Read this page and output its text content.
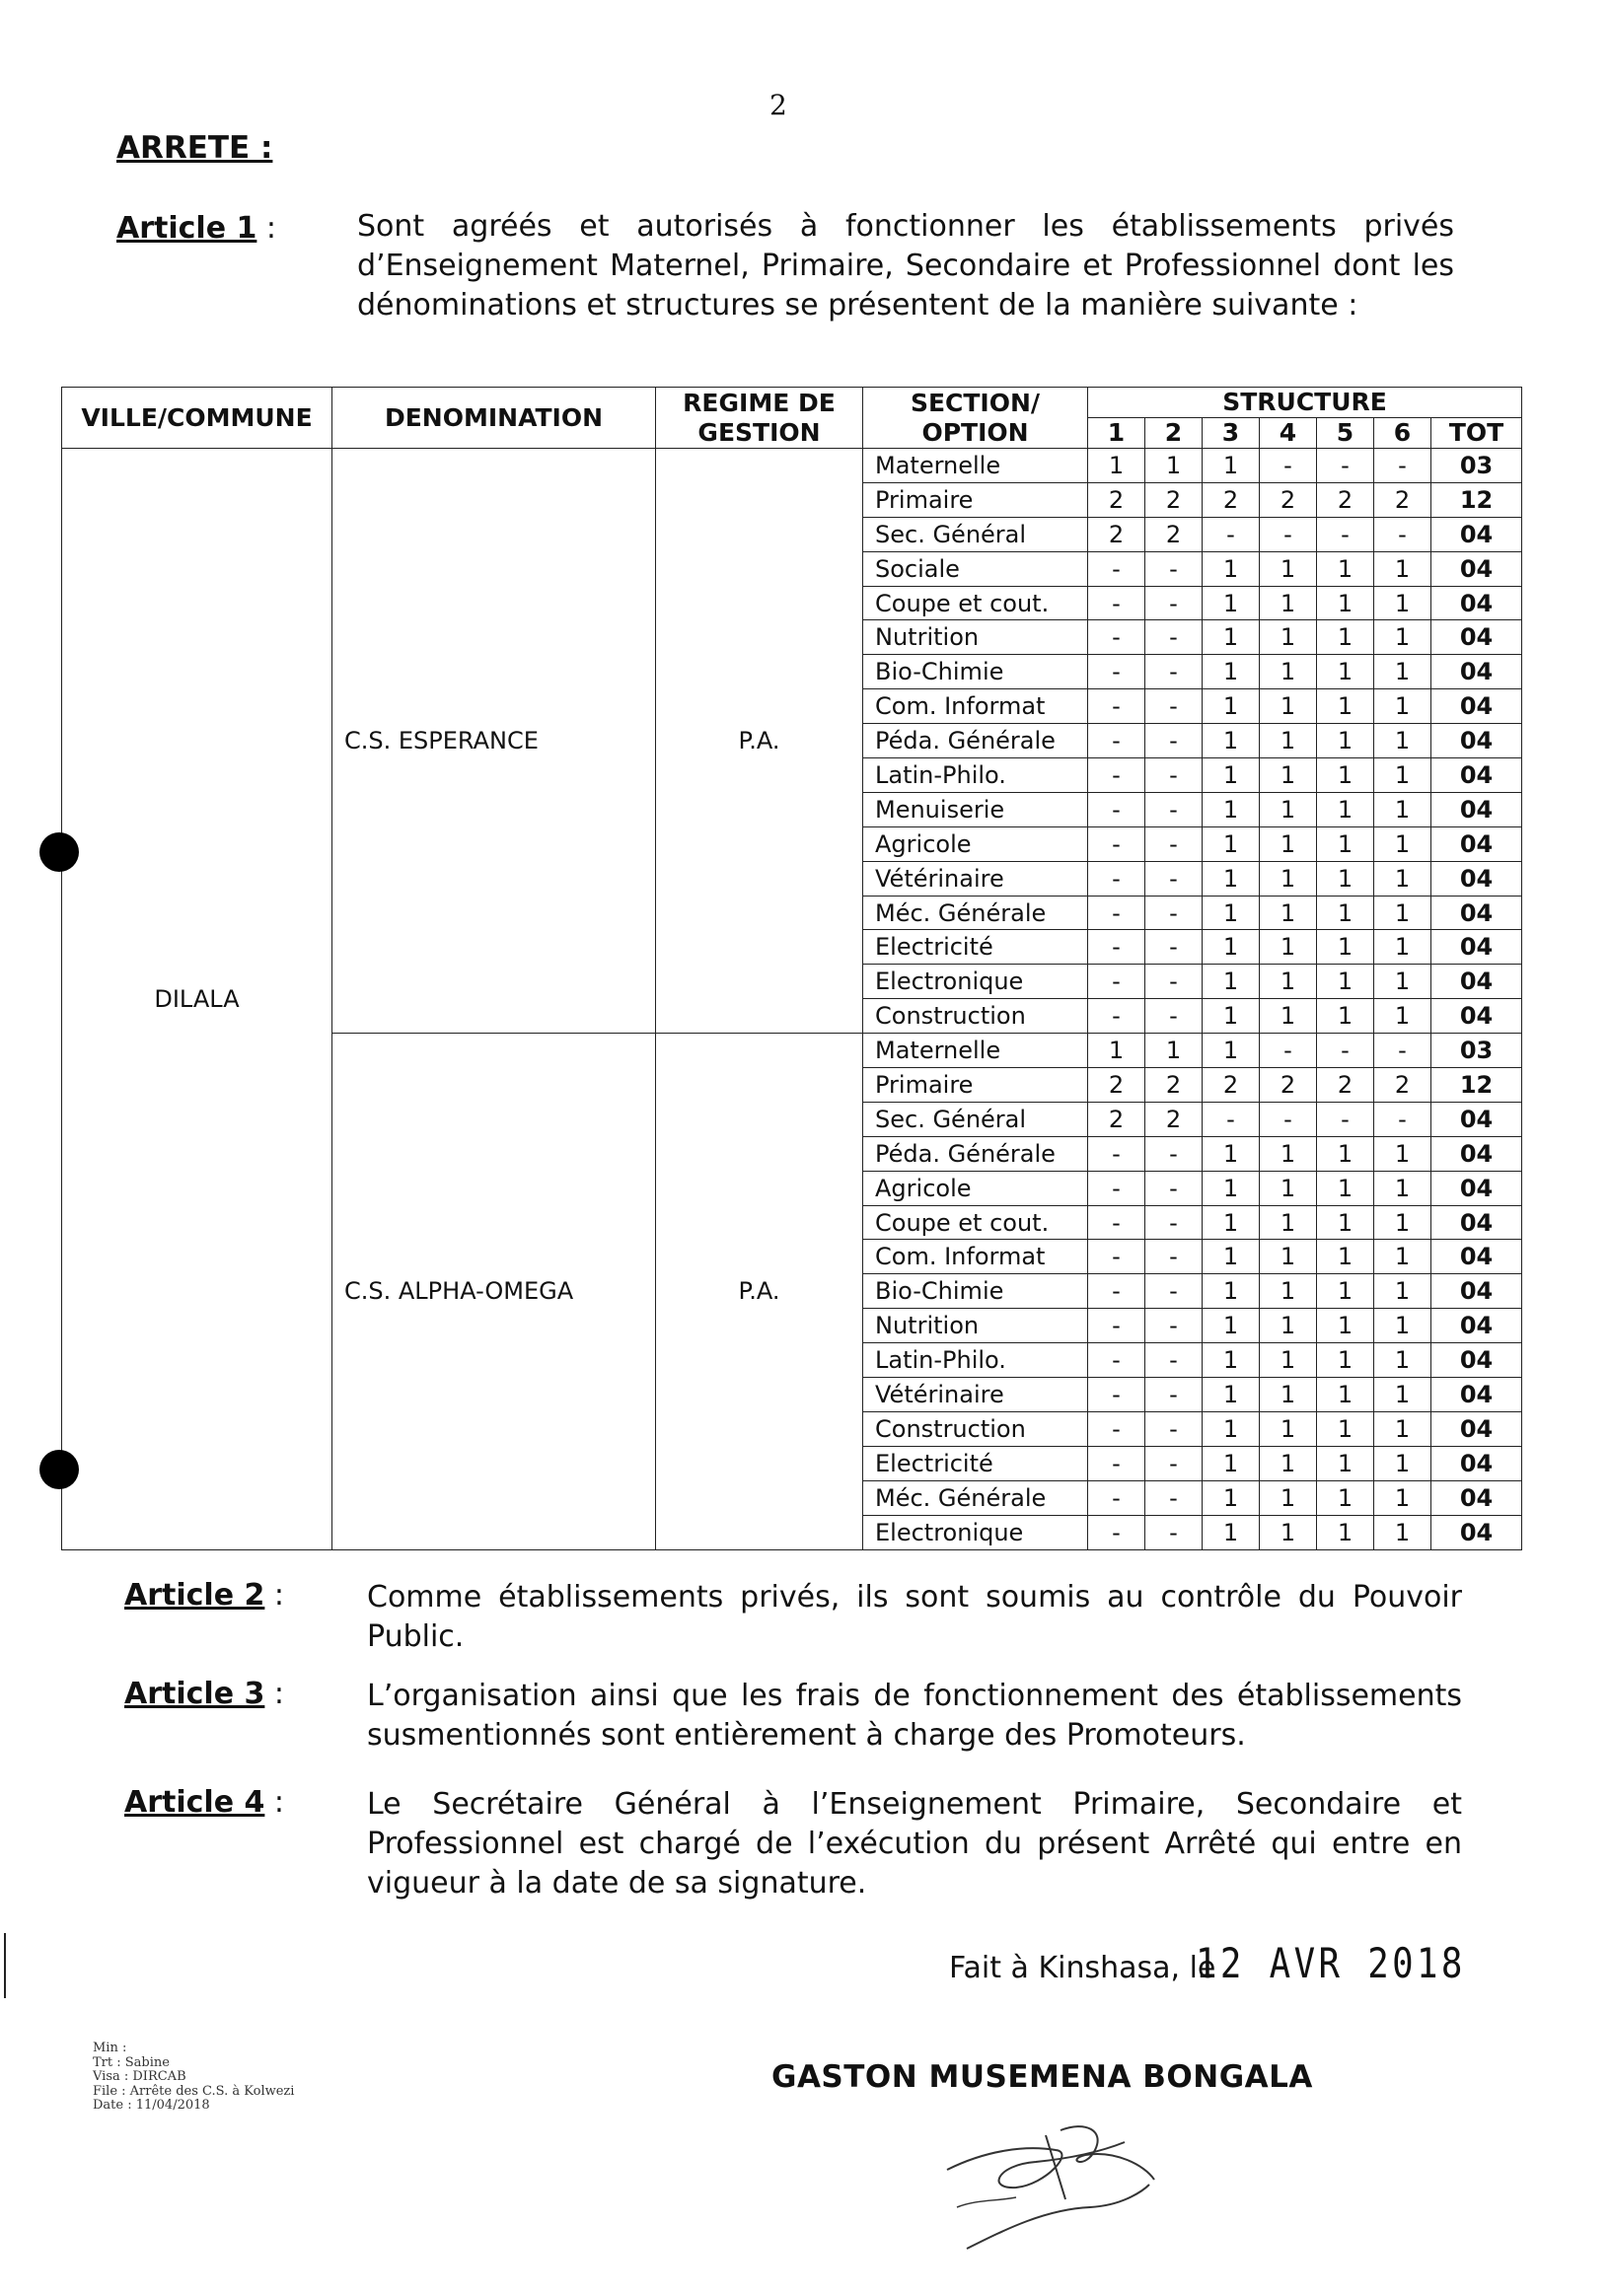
2
ARRETE :
Article 1 :	Sont agréés et autorisés à fonctionner les établissements privés d’Enseignement Maternel, Primaire, Secondaire et Professionnel dont les dénominations et structures se présentent de la manière suivante :
VILLE/COMMUNE	DENOMINATION	REGIME DE GESTION	SECTION/ OPTION	STRUCTURE						
				1	2	3	4	5	6	TOT
DILALA	C.S. ESPERANCE	P.A.	Maternelle	1	1	1	-	-	-	03
			Primaire	2	2	2	2	2	2	12
			Sec. Général	2	2	-	-	-	-	04
			Sociale	-	-	1	1	1	1	04
			Coupe et cout.	-	-	1	1	1	1	04
			Nutrition	-	-	1	1	1	1	04
			Bio-Chimie	-	-	1	1	1	1	04
			Com. Informat	-	-	1	1	1	1	04
			Péda. Générale	-	-	1	1	1	1	04
			Latin-Philo.	-	-	1	1	1	1	04
			Menuiserie	-	-	1	1	1	1	04
			Agricole	-	-	1	1	1	1	04
			Vétérinaire	-	-	1	1	1	1	04
			Méc. Générale	-	-	1	1	1	1	04
			Electricité	-	-	1	1	1	1	04
			Electronique	-	-	1	1	1	1	04
			Construction	-	-	1	1	1	1	04
	C.S. ALPHA-OMEGA	P.A.	Maternelle	1	1	1	-	-	-	03
			Primaire	2	2	2	2	2	2	12
			Sec. Général	2	2	-	-	-	-	04
			Péda. Générale	-	-	1	1	1	1	04
			Agricole	-	-	1	1	1	1	04
			Coupe et cout.	-	-	1	1	1	1	04
			Com. Informat	-	-	1	1	1	1	04
			Bio-Chimie	-	-	1	1	1	1	04
			Nutrition	-	-	1	1	1	1	04
			Latin-Philo.	-	-	1	1	1	1	04
			Vétérinaire	-	-	1	1	1	1	04
			Construction	-	-	1	1	1	1	04
			Electricité	-	-	1	1	1	1	04
			Méc. Générale	-	-	1	1	1	1	04
			Electronique	-	-	1	1	1	1	04
Article 2 :	Comme établissements privés, ils sont soumis au contrôle du Pouvoir Public.
Article 3 :	L’organisation ainsi que les frais de fonctionnement des établissements susmentionnés sont entièrement à charge des Promoteurs.
Article 4 :	Le Secrétaire Général à l’Enseignement Primaire, Secondaire et Professionnel est chargé de l’exécution du présent Arrêté qui entre en vigueur à la date de sa signature.
Fait à Kinshasa, le
12 AVR 2018
GASTON MUSEMENA BONGALA
Min :
Trt : Sabine
Visa : DIRCAB
File : Arrête des C.S. à Kolwezi
Date : 11/04/2018
